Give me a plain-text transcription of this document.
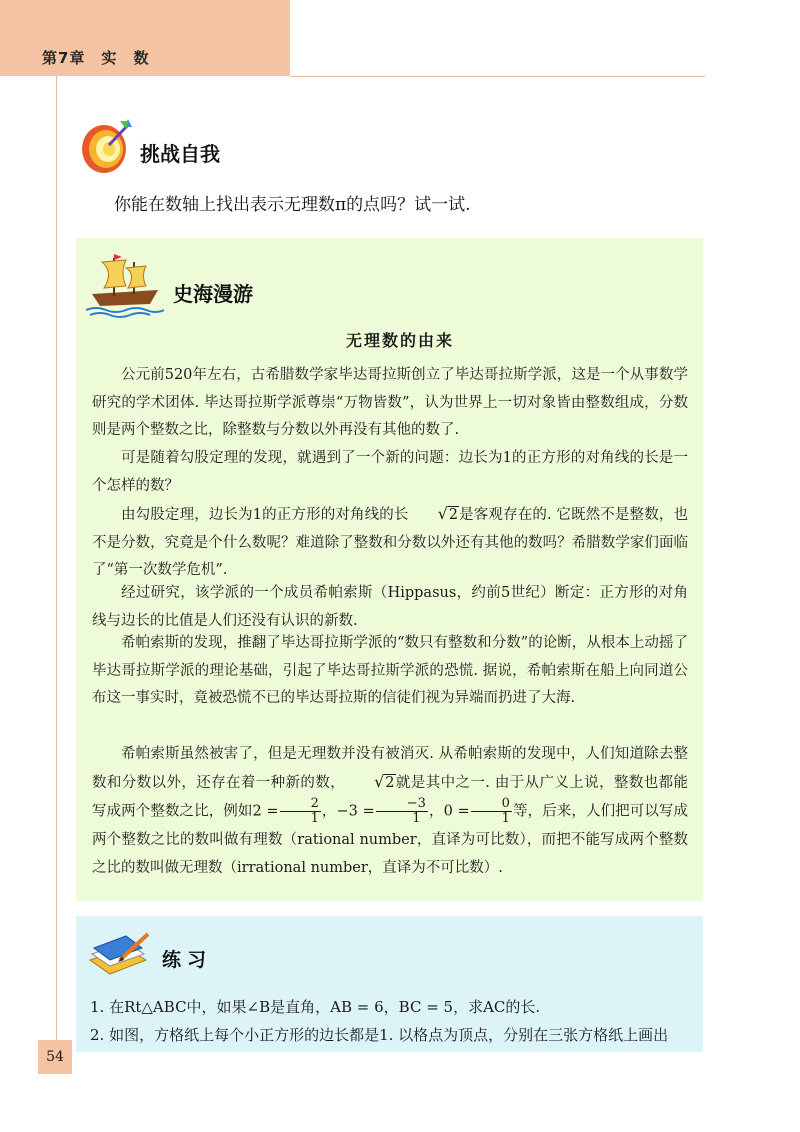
第7章　实　数
挑战自我
你能在数轴上找出表示无理数π的点吗？试一试.
史海漫游
无理数的由来

公元前520年左右，古希腊数学家毕达哥拉斯创立了毕达哥拉斯学派，这是一个从事数学研究的学术团体. 毕达哥拉斯学派尊崇“万物皆数”，认为世界上一切对象皆由整数组成，分数则是两个整数之比，除整数与分数以外再没有其他的数了.

可是随着勾股定理的发现，就遇到了一个新的问题：边长为1的正方形的对角线的长是一个怎样的数？

由勾股定理，边长为1的正方形的对角线的长 √2是客观存在的. 它既然不是整数，也不是分数，究竟是个什么数呢？难道除了整数和分数以外还有其他的数吗？希腊数学家们面临了“第一次数学危机”.

经过研究，该学派的一个成员希帕索斯（Hippasus，约前5世纪）断定：正方形的对角线与边长的比值是人们还没有认识的新数.

希帕索斯的发现，推翻了毕达哥拉斯学派的“数只有整数和分数”的论断，从根本上动摇了毕达哥拉斯学派的理论基础，引起了毕达哥拉斯学派的恐慌. 据说，希帕索斯在船上向同道公布这一事实时，竟被恐慌不已的毕达哥拉斯的信徒们视为异端而扔进了大海.

希帕索斯虽然被害了，但是无理数并没有被消灭. 从希帕索斯的发现中，人们知道除去整数和分数以外，还存在着一种新的数， √2就是其中之一. 由于从广义上说，整数也都能写成两个整数之比，例如$2 = \frac{2}{1}$ ，$-3 = \frac{-3}{1}$ ，$0 = \frac{0}{1}$ 等，后来，人们把可以写成两个整数之比的数叫做有理数（rational number，直译为可比数），而把不能写成两个整数之比的数叫做无理数（irrational number，直译为不可比数）.

练习
1. 在Rt△ABC中，如果∠B是直角，AB = 6，BC = 5，求AC的长.
2. 如图，方格纸上每个小正方形的边长都是1. 以格点为顶点，分别在三张方格纸上画出
54
